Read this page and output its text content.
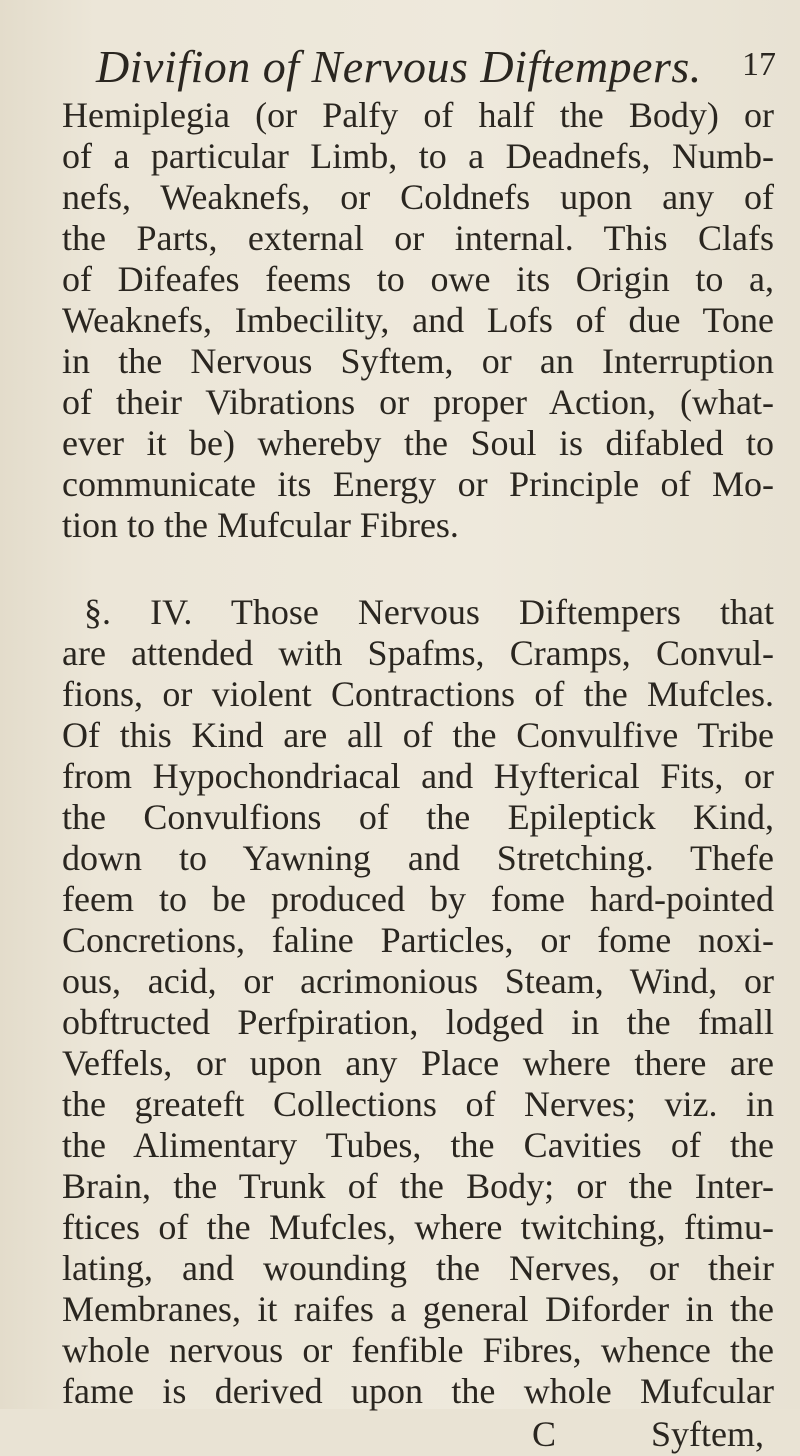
Divifion of Nervous Diftempers. 17
Hemiplegia (or Palfy of half the Body) or
of a particular Limb, to a Deadnefs, Numb-
nefs, Weaknefs, or Coldnefs upon any of
the Parts, external or internal. This Clafs
of Difeafes feems to owe its Origin to a,
Weaknefs, Imbecility, and Lofs of due Tone
in the Nervous Syftem, or an Interruption
of their Vibrations or proper Action, (what-
ever it be) whereby the Soul is difabled to
communicate its Energy or Principle of Mo-
tion to the Mufcular Fibres.
§. IV. Those Nervous Diftempers that
are attended with Spafms, Cramps, Convul-
fions, or violent Contractions of the Mufcles.
Of this Kind are all of the Convulfive Tribe
from Hypochondriacal and Hyfterical Fits, or
the Convulfions of the Epileptick Kind,
down to Yawning and Stretching. Thefe
feem to be produced by fome hard-pointed
Concretions, faline Particles, or fome noxi-
ous, acid, or acrimonious Steam, Wind, or
obftructed Perfpiration, lodged in the fmall
Veffels, or upon any Place where there are
the greateft Collections of Nerves; viz. in
the Alimentary Tubes, the Cavities of the
Brain, the Trunk of the Body; or the Inter-
ftices of the Mufcles, where twitching, ftimu-
lating, and wounding the Nerves, or their
Membranes, it raifes a general Diforder in the
whole nervous or fenfible Fibres, whence the
fame is derived upon the whole Mufcular
C	Syftem,
